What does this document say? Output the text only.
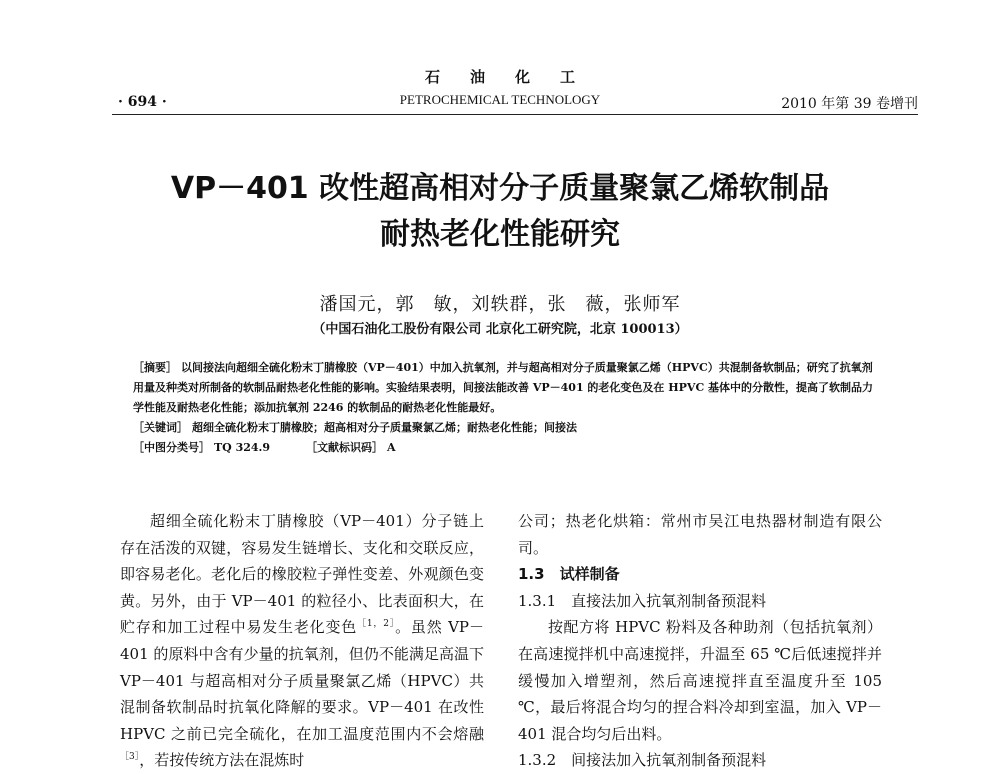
石油化工
· 694 ·	PETROCHEMICAL TECHNOLOGY	2010 年第 39 卷增刊
VP－401 改性超高相对分子质量聚氯乙烯软制品
耐热老化性能研究
潘国元，郭　敏，刘轶群，张　薇，张师军
（中国石油化工股份有限公司 北京化工研究院，北京 100013）

［摘要］ 以间接法向超细全硫化粉末丁腈橡胶（VP－401）中加入抗氧剂，并与超高相对分子质量聚氯乙烯（HPVC）共混制备软制品；研究了抗氧剂用量及种类对所制备的软制品耐热老化性能的影响。实验结果表明，间接法能改善 VP－401 的老化变色及在 HPVC 基体中的分散性，提高了软制品力学性能及耐热老化性能；添加抗氧剂 2246 的软制品的耐热老化性能最好。

［关键词］ 超细全硫化粉末丁腈橡胶；超高相对分子质量聚氯乙烯；耐热老化性能；间接法

［中图分类号］ TQ 324.9	［文献标识码］ A

超细全硫化粉末丁腈橡胶（VP－401）分子链上存在活泼的双键，容易发生链增长、支化和交联反应，即容易老化。老化后的橡胶粒子弹性变差、外观颜色变黄。另外，由于 VP－401 的粒径小、比表面积大，在贮存和加工过程中易发生老化变色$^{[1,2]}$。虽然 VP－401 的原料中含有少量的抗氧剂，但仍不能满足高温下 VP－401 与超高相对分子质量聚氯乙烯（HPVC）共混制备软制品时抗氧化降解的要求。VP－401 在改性 HPVC 之前已完全硫化，在加工温度范围内不会熔融$^{[3]}$，若按传统方法在混炼时

公司；热老化烘箱：常州市吴江电热器材制造有限公司。

1.3　试样制备

1.3.1　直接法加入抗氧剂制备预混料

按配方将 HPVC 粉料及各种助剂（包括抗氧剂）在高速搅拌机中高速搅拌，升温至 65 ℃后低速搅拌并缓慢加入增塑剂，然后高速搅拌直至温度升至 105 ℃，最后将混合均匀的捏合料冷却到室温，加入 VP－401 混合均匀后出料。

1.3.2　间接法加入抗氧剂制备预混料
